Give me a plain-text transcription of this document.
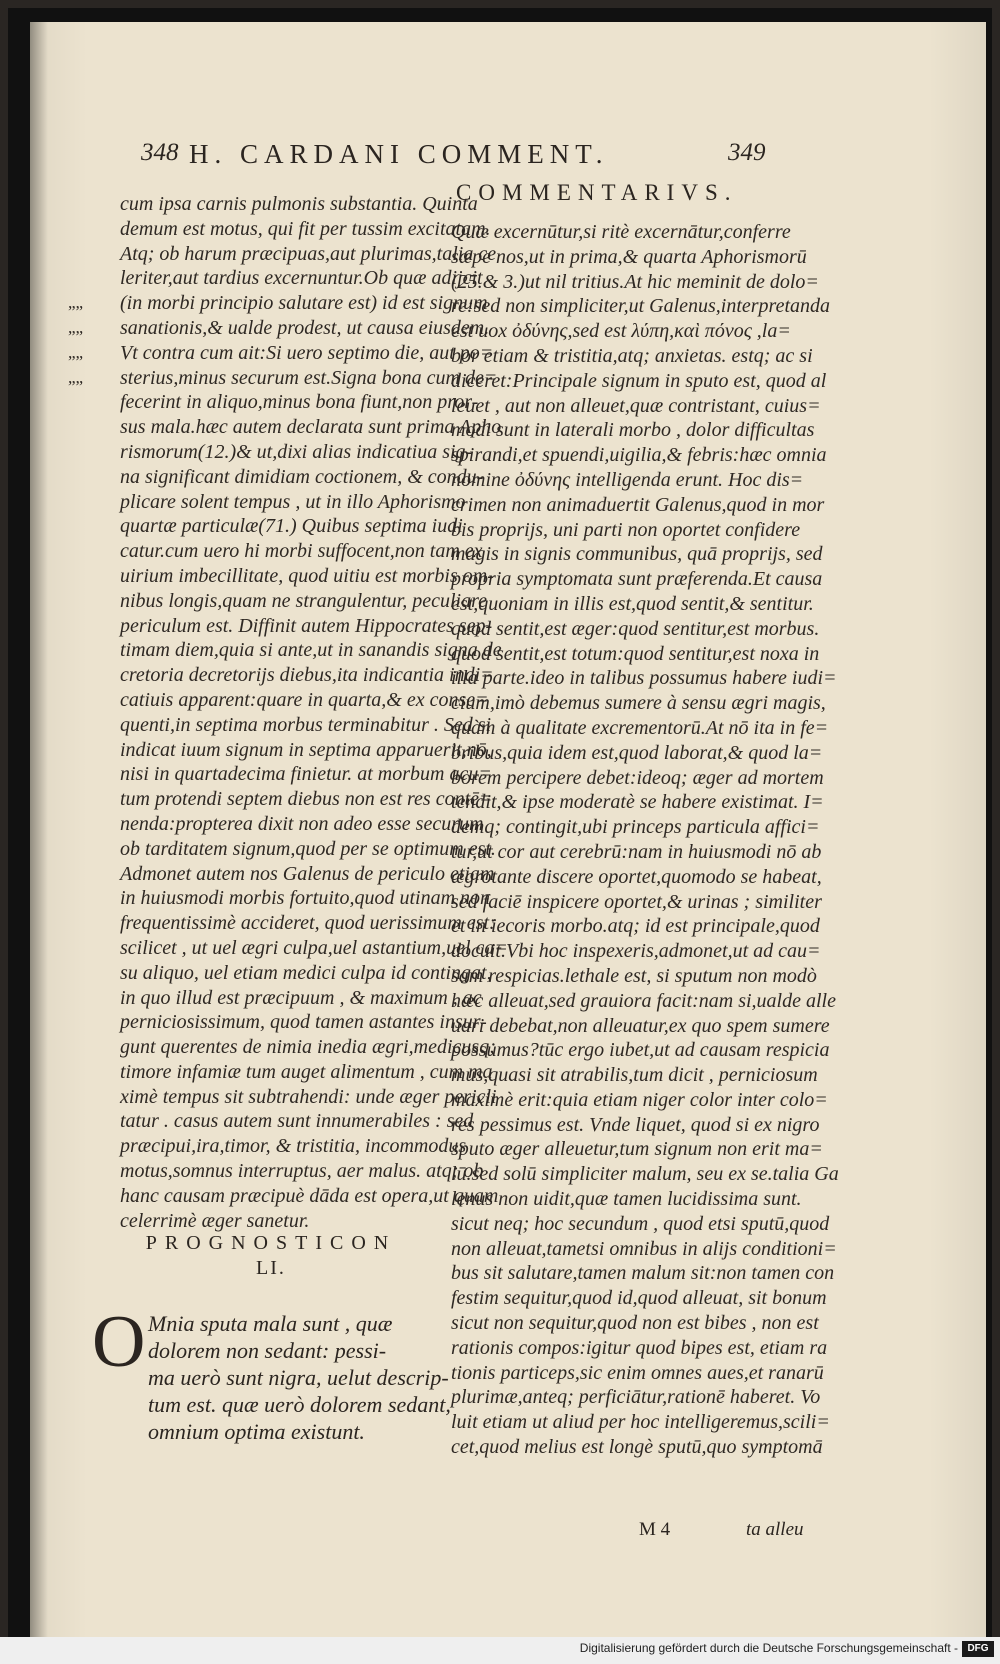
348 H. CARDANI COMMENT.	349
COMMENTARIVS.
cum ipsa carnis pulmonis substantia. Quinta
demum est motus, qui fit per tussim excitatam.
Atq; ob harum præcipuas,aut plurimas,talia ce
leriter,aut tardius excernuntur.Ob quæ adijcit
„„ (in morbi principio salutare est) id est signum
„„ sanationis,& ualde prodest, ut causa eiusdem.
„„ Vt contra cum ait:Si uero septimo die, aut po=
„„ sterius,minus securum est.Signa bona cum de=
fecerint in aliquo,minus bona fiunt,non pror-
sus mala.hæc autem declarata sunt prima Apho
rismorum(12.)& ut,dixi alias indicatiua sig-
na significant dimidiam coctionem, & condu-
plicare solent tempus , ut in illo Aphorismo
quartæ particulæ(71.) Quibus septima iudi
catur.cum uero hi morbi suffocent,non tam ex
uirium imbecillitate, quod uitiu est morbis om-
nibus longis,quam ne strangulentur, peculiare
periculum est. Diffinit autem Hippocrates sep-
timam diem,quia si ante,ut in sanandis signa de
cretoria decretorijs diebus,ita indicantia indi=
catiuis apparent:quare in quarta,& ex conse=
quenti,in septima morbus terminabitur . Sed si
indicat iuum signum in septima apparuerit,nō,
nisi in quartadecima finietur. at morbum acu=
tum protendi septem diebus non est res contē=
nenda:propterea dixit non adeo esse securum
ob tarditatem signum,quod per se optimum est.
Admonet autem nos Galenus de periculo etiam
in huiusmodi morbis fortuito,quod utinam non
frequentissimè accideret, quod uerissimum est:
scilicet , ut uel ægri culpa,uel astantium,uel ca=
su aliquo, uel etiam medici culpa id contingat,
in quo illud est præcipuum , & maximum , ac
perniciosissimum, quod tamen astantes insur-
gunt querentes de nimia inedia ægri,medicusq;
timore infamiæ tum auget alimentum , cum ma
ximè tempus sit subtrahendi: unde æger pericli
tatur . casus autem sunt innumerabiles : sed
præcipui,ira,timor, & tristitia, incommodus
motus,somnus interruptus, aer malus. atq; ob
hanc causam præcipuè dāda est opera,ut quam
celerrimè æger sanetur.
Quæ excernūtur,si ritè excernātur,conferre
sæpe nos,ut in prima,& quarta Aphorismorū
(25.& 3.)ut nil tritius.At hic meminit de dolo=
re:sed non simpliciter,ut Galenus,interpretanda
est uox ὀδύνης,sed est λύπη,καὶ πόνος ,la=
bor etiam & tristitia,atq; anxietas. estq; ac si
diceret:Principale signum in sputo est, quod al
leuet , aut non alleuet,quæ contristant, cuius=
modi sunt in laterali morbo , dolor difficultas
spirandi,et spuendi,uigilia,& febris:hæc omnia
nomine ὀδύνης intelligenda erunt. Hoc dis=
crimen non animaduertit Galenus,quod in mor
bis proprijs, uni parti non oportet confidere
magis in signis communibus, quā proprijs, sed
propria symptomata sunt præferenda.Et causa
est,quoniam in illis est,quod sentit,& sentitur.
quod sentit,est æger:quod sentitur,est morbus.
quod sentit,est totum:quod sentitur,est noxa in
illa parte.ideo in talibus possumus habere iudi=
cium,imò debemus sumere à sensu ægri magis,
quàm à qualitate excrementorū.At nō ita in fe=
bribus,quia idem est,quod laborat,& quod la=
borem percipere debet:ideoq; æger ad mortem
tendit,& ipse moderatè se habere existimat. I=
demq; contingit,ubi princeps particula affici=
tur,ut cor aut cerebrū:nam in huiusmodi nō ab
ægrotante discere oportet,quomodo se habeat,
sed faciē inspicere oportet,& urinas ; similiter
et in iecoris morbo.atq; id est principale,quod
docuit.Vbi hoc inspexeris,admonet,ut ad cau=
sam respicias.lethale est, si sputum non modò
hæc alleuat,sed grauiora facit:nam si,ualde alle
uari debebat,non alleuatur,ex quo spem sumere
possumus?tūc ergo iubet,ut ad causam respicia
mus,quasi sit atrabilis,tum dicit , perniciosum
maximè erit:quia etiam niger color inter colo=
res pessimus est. Vnde liquet, quod si ex nigro
sputo æger alleuetur,tum signum non erit ma=
lū.sed solū simpliciter malum, seu ex se.talia Ga
lenus non uidit,quæ tamen lucidissima sunt.
sicut neq; hoc secundum , quod etsi sputū,quod
non alleuat,tametsi omnibus in alijs conditioni=
bus sit salutare,tamen malum sit:non tamen con
festim sequitur,quod id,quod alleuat, sit bonum
sicut non sequitur,quod non est bibes , non est
rationis compos:igitur quod bipes est, etiam ra
tionis particeps,sic enim omnes aues,et ranarū
plurimæ,anteq; perficiātur,rationē haberet. Vo
luit etiam ut aliud per hoc intelligeremus,scili=
cet,quod melius est longè sputū,quo symptomā
PROGNOSTICON
LI.
O Mnia sputa mala sunt , quæ
dolorem non sedant: pessi-
ma uerò sunt nigra, uelut descrip-
tum est. quæ uerò dolorem sedant,
omnium optima existunt.
M 4	ta alleu
Digitalisierung gefördert durch die Deutsche Forschungsgemeinschaft - DFG
